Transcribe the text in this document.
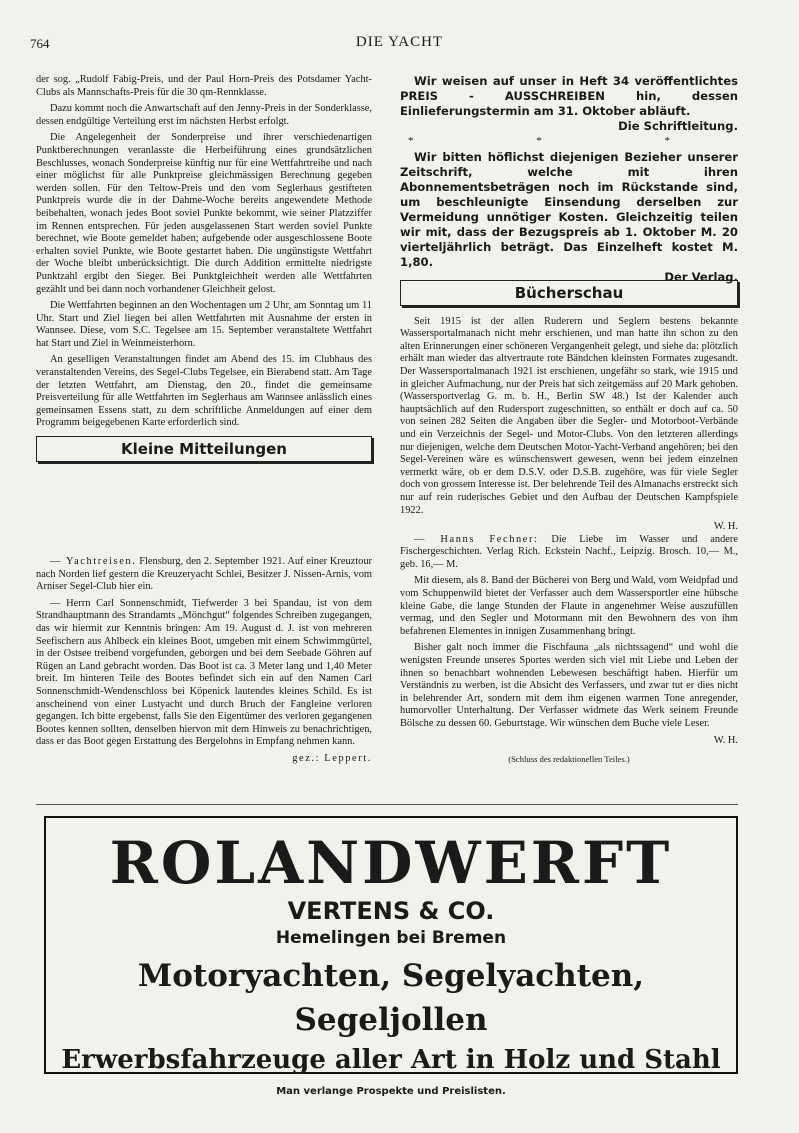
764	DIE YACHT

der sog. „Rudolf Fabig-Preis, und der Paul Horn-Preis des Potsdamer Yacht-Clubs als Mannschafts-Preis für die 30 qm-Rennklasse.

Dazu kommt noch die Anwartschaft auf den Jenny-Preis in der Sonderklasse, dessen endgültige Verteilung erst im nächsten Herbst erfolgt.

Die Angelegenheit der Sonderpreise und ihrer verschiedenartigen Punktberechnungen veranlasste die Herbeiführung eines grundsätzlichen Beschlusses, wonach Sonderpreise künftig nur für eine Wettfahrtreihe und nach einer möglichst für alle Punktpreise gleichmässigen Berechnung gegeben werden sollen. Für den Teltow-Preis und den vom Seglerhaus gestifteten Punktpreis wurde die in der Dahme-Woche bereits angewendete Methode beibehalten, wonach jedes Boot soviel Punkte bekommt, wie seiner Platzziffer im Rennen entsprechen. Für jeden ausgelassenen Start werden soviel Punkte berechnet, wie Boote gemeldet haben; aufgebende oder ausgeschlossene Boote erhalten soviel Punkte, wie Boote gestartet haben. Die ungünstigste Wettfahrt der Woche bleibt unberücksichtigt. Die durch Addition ermittelte niedrigste Punktzahl ergibt den Sieger. Bei Punktgleichheit werden alle Wettfahrten gezählt und bei dann noch vorhandener Gleichheit gelost.

Die Wettfahrten beginnen an den Wochentagen um 2 Uhr, am Sonntag um 11 Uhr. Start und Ziel liegen bei allen Wettfahrten mit Ausnahme der ersten in Wannsee. Diese, vom S.C. Tegelsee am 15. September veranstaltete Wettfahrt hat Start und Ziel in Weinmeisterhorn.

An geselligen Veranstaltungen findet am Abend des 15. im Clubhaus des veranstaltenden Vereins, des Segel-Clubs Tegelsee, ein Bierabend statt. Am Tage der letzten Wettfahrt, am Dienstag, den 20., findet die gemeinsame Preisverteilung für alle Wettfahrten im Seglerhaus am Wannsee anlässlich eines gemeinsamen Essens statt, zu dem schriftliche Anmeldungen auf einer dem Programm beigegebenen Karte erforderlich sind.

Kleine Mitteilungen

— Yachtreisen. Flensburg, den 2. September 1921. Auf einer Kreuztour nach Norden lief gestern die Kreuzeryacht Schlei, Besitzer J. Nissen-Arnis, vom Arniser Segel-Club hier ein.

— Herrn Carl Sonnenschmidt, Tiefwerder 3 bei Spandau, ist von dem Strandhauptmann des Strandamts „Mönchgut“ folgendes Schreiben zugegangen, das wir hiermit zur Kenntnis bringen: Am 19. August d. J. ist von mehreren Seefischern aus Ahlbeck ein kleines Boot, umgeben mit einem Schwimmgürtel, in der Ostsee treibend vorgefunden, geborgen und bei dem Seebade Göhren auf Rügen an Land gebracht worden. Das Boot ist ca. 3 Meter lang und 1,40 Meter breit. Im hinteren Teile des Bootes befindet sich ein auf den Namen Carl Sonnenschmidt-Wendenschloss bei Köpenick lautendes kleines Schild. Es ist anscheinend von einer Lustyacht und durch Bruch der Fangleine verloren gegangen. Ich bitte ergebenst, falls Sie den Eigentümer des verloren gegangenen Bootes kennen sollten, denselben hiervon mit dem Hinweis zu benachrichtigen, dass er das Boot gegen Erstattung des Bergelohns in Empfang nehmen kann.

gez.: Leppert.

Wir weisen auf unser in Heft 34 veröffentlichtes PREIS - AUSSCHREIBEN hin, dessen Einlieferungstermin am 31. Oktober abläuft.

Die Schriftleitung.

* * *

Wir bitten höflichst diejenigen Bezieher unserer Zeitschrift, welche mit ihren Abonnementsbeträgen noch im Rückstande sind, um beschleunigte Einsendung derselben zur Vermeidung unnötiger Kosten. Gleichzeitig teilen wir mit, dass der Bezugspreis ab 1. Oktober M. 20 vierteljährlich beträgt. Das Einzelheft kostet M. 1,80.

Der Verlag.

Bücherschau

Seit 1915 ist der allen Ruderern und Seglern bestens bekannte Wassersportalmanach nicht mehr erschienen, und man hatte ihn schon zu den alten Erinnerungen einer schöneren Vergangenheit gelegt, und siehe da: plötzlich erhält man wieder das altvertraute rote Bändchen kleinsten Formates zugesandt. Der Wassersportalmanach 1921 ist erschienen, ungefähr so stark, wie 1915 und in gleicher Aufmachung, nur der Preis hat sich zeitgemäss auf 20 Mark gehoben. (Wassersportverlag G. m. b. H., Berlin SW 48.) Ist der Kalender auch hauptsächlich auf den Rudersport zugeschnitten, so enthält er doch auf ca. 50 von seinen 282 Seiten die Angaben über die Segler- und Motorboot-Verbände und ein Verzeichnis der Segel- und Motor-Clubs. Von den letzteren allerdings nur diejenigen, welche dem Deutschen Motor-Yacht-Verband angehören; bei den Segel-Vereinen wäre es wünschenswert gewesen, wenn bei jedem einzelnen vermerkt wäre, ob er dem D.S.V. oder D.S.B. zugehöre, was für viele Segler doch von grossem Interesse ist. Der belehrende Teil des Almanachs erstreckt sich nur auf rein ruderisches Gebiet und den Aufbau der Deutschen Kampfspiele 1922.

W. H.

— Hanns Fechner: Die Liebe im Wasser und andere Fischergeschichten. Verlag Rich. Eckstein Nachf., Leipzig. Brosch. 10,— M., geb. 16,— M.

Mit diesem, als 8. Band der Bücherei von Berg und Wald, vom Weidpfad und vom Schuppenwild bietet der Verfasser auch dem Wassersportler eine hübsche kleine Gabe, die lange Stunden der Flaute in angenehmer Weise auszufüllen vermag, und den Segler und Motormann mit den Bewohnern des von ihm befahrenen Elementes in innigen Zusammenhang bringt.

Bisher galt noch immer die Fischfauna „als nichtssagend“ und wohl die wenigsten Freunde unseres Sportes werden sich viel mit Liebe und Leben der ihnen so benachbart wohnenden Lebewesen beschäftigt haben. Hierfür um Verständnis zu werben, ist die Absicht des Verfassers, und zwar tut er dies nicht in belehrender Art, sondern mit dem ihm eigenen warmen Tone anregender, humorvoller Unterhaltung. Der Verfasser widmete das Werk seinem Freunde Bölsche zu dessen 60. Geburtstage. Wir wünschen dem Buche viele Leser.

W. H.
(Schluss des redaktionellen Teiles.)
ROLANDWERFT
VERTENS & CO.
Hemelingen bei Bremen
Motoryachten, Segelyachten, Segeljollen
Erwerbsfahrzeuge aller Art in Holz und Stahl
Man verlange Prospekte und Preislisten.
